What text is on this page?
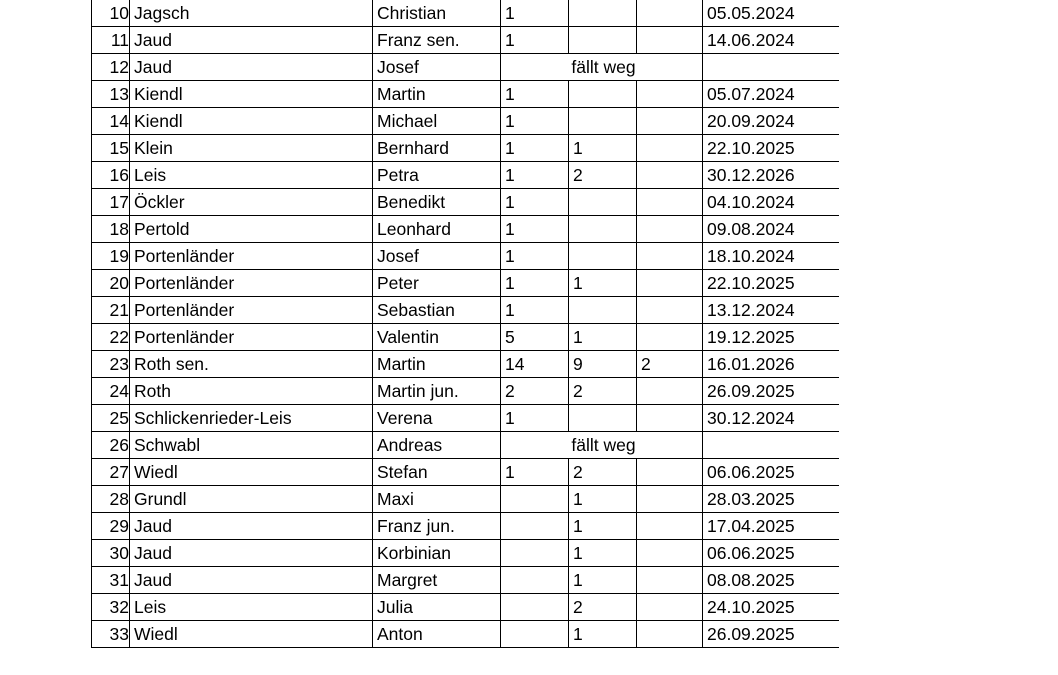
10	Jagsch	Christian	1			05.05.2024
11	Jaud	Franz sen.	1			14.06.2024
12	Jaud	Josef	fällt weg			
13	Kiendl	Martin	1			05.07.2024
14	Kiendl	Michael	1			20.09.2024
15	Klein	Bernhard	1	1		22.10.2025
16	Leis	Petra	1	2		30.12.2026
17	Öckler	Benedikt	1			04.10.2024
18	Pertold	Leonhard	1			09.08.2024
19	Portenländer	Josef	1			18.10.2024
20	Portenländer	Peter	1	1		22.10.2025
21	Portenländer	Sebastian	1			13.12.2024
22	Portenländer	Valentin	5	1		19.12.2025
23	Roth sen.	Martin	14	9	2	16.01.2026
24	Roth	Martin jun.	2	2		26.09.2025
25	Schlickenrieder-Leis	Verena	1			30.12.2024
26	Schwabl	Andreas	fällt weg			
27	Wiedl	Stefan	1	2		06.06.2025
28	Grundl	Maxi		1		28.03.2025
29	Jaud	Franz jun.		1		17.04.2025
30	Jaud	Korbinian		1		06.06.2025
31	Jaud	Margret		1		08.08.2025
32	Leis	Julia		2		24.10.2025
33	Wiedl	Anton		1		26.09.2025
